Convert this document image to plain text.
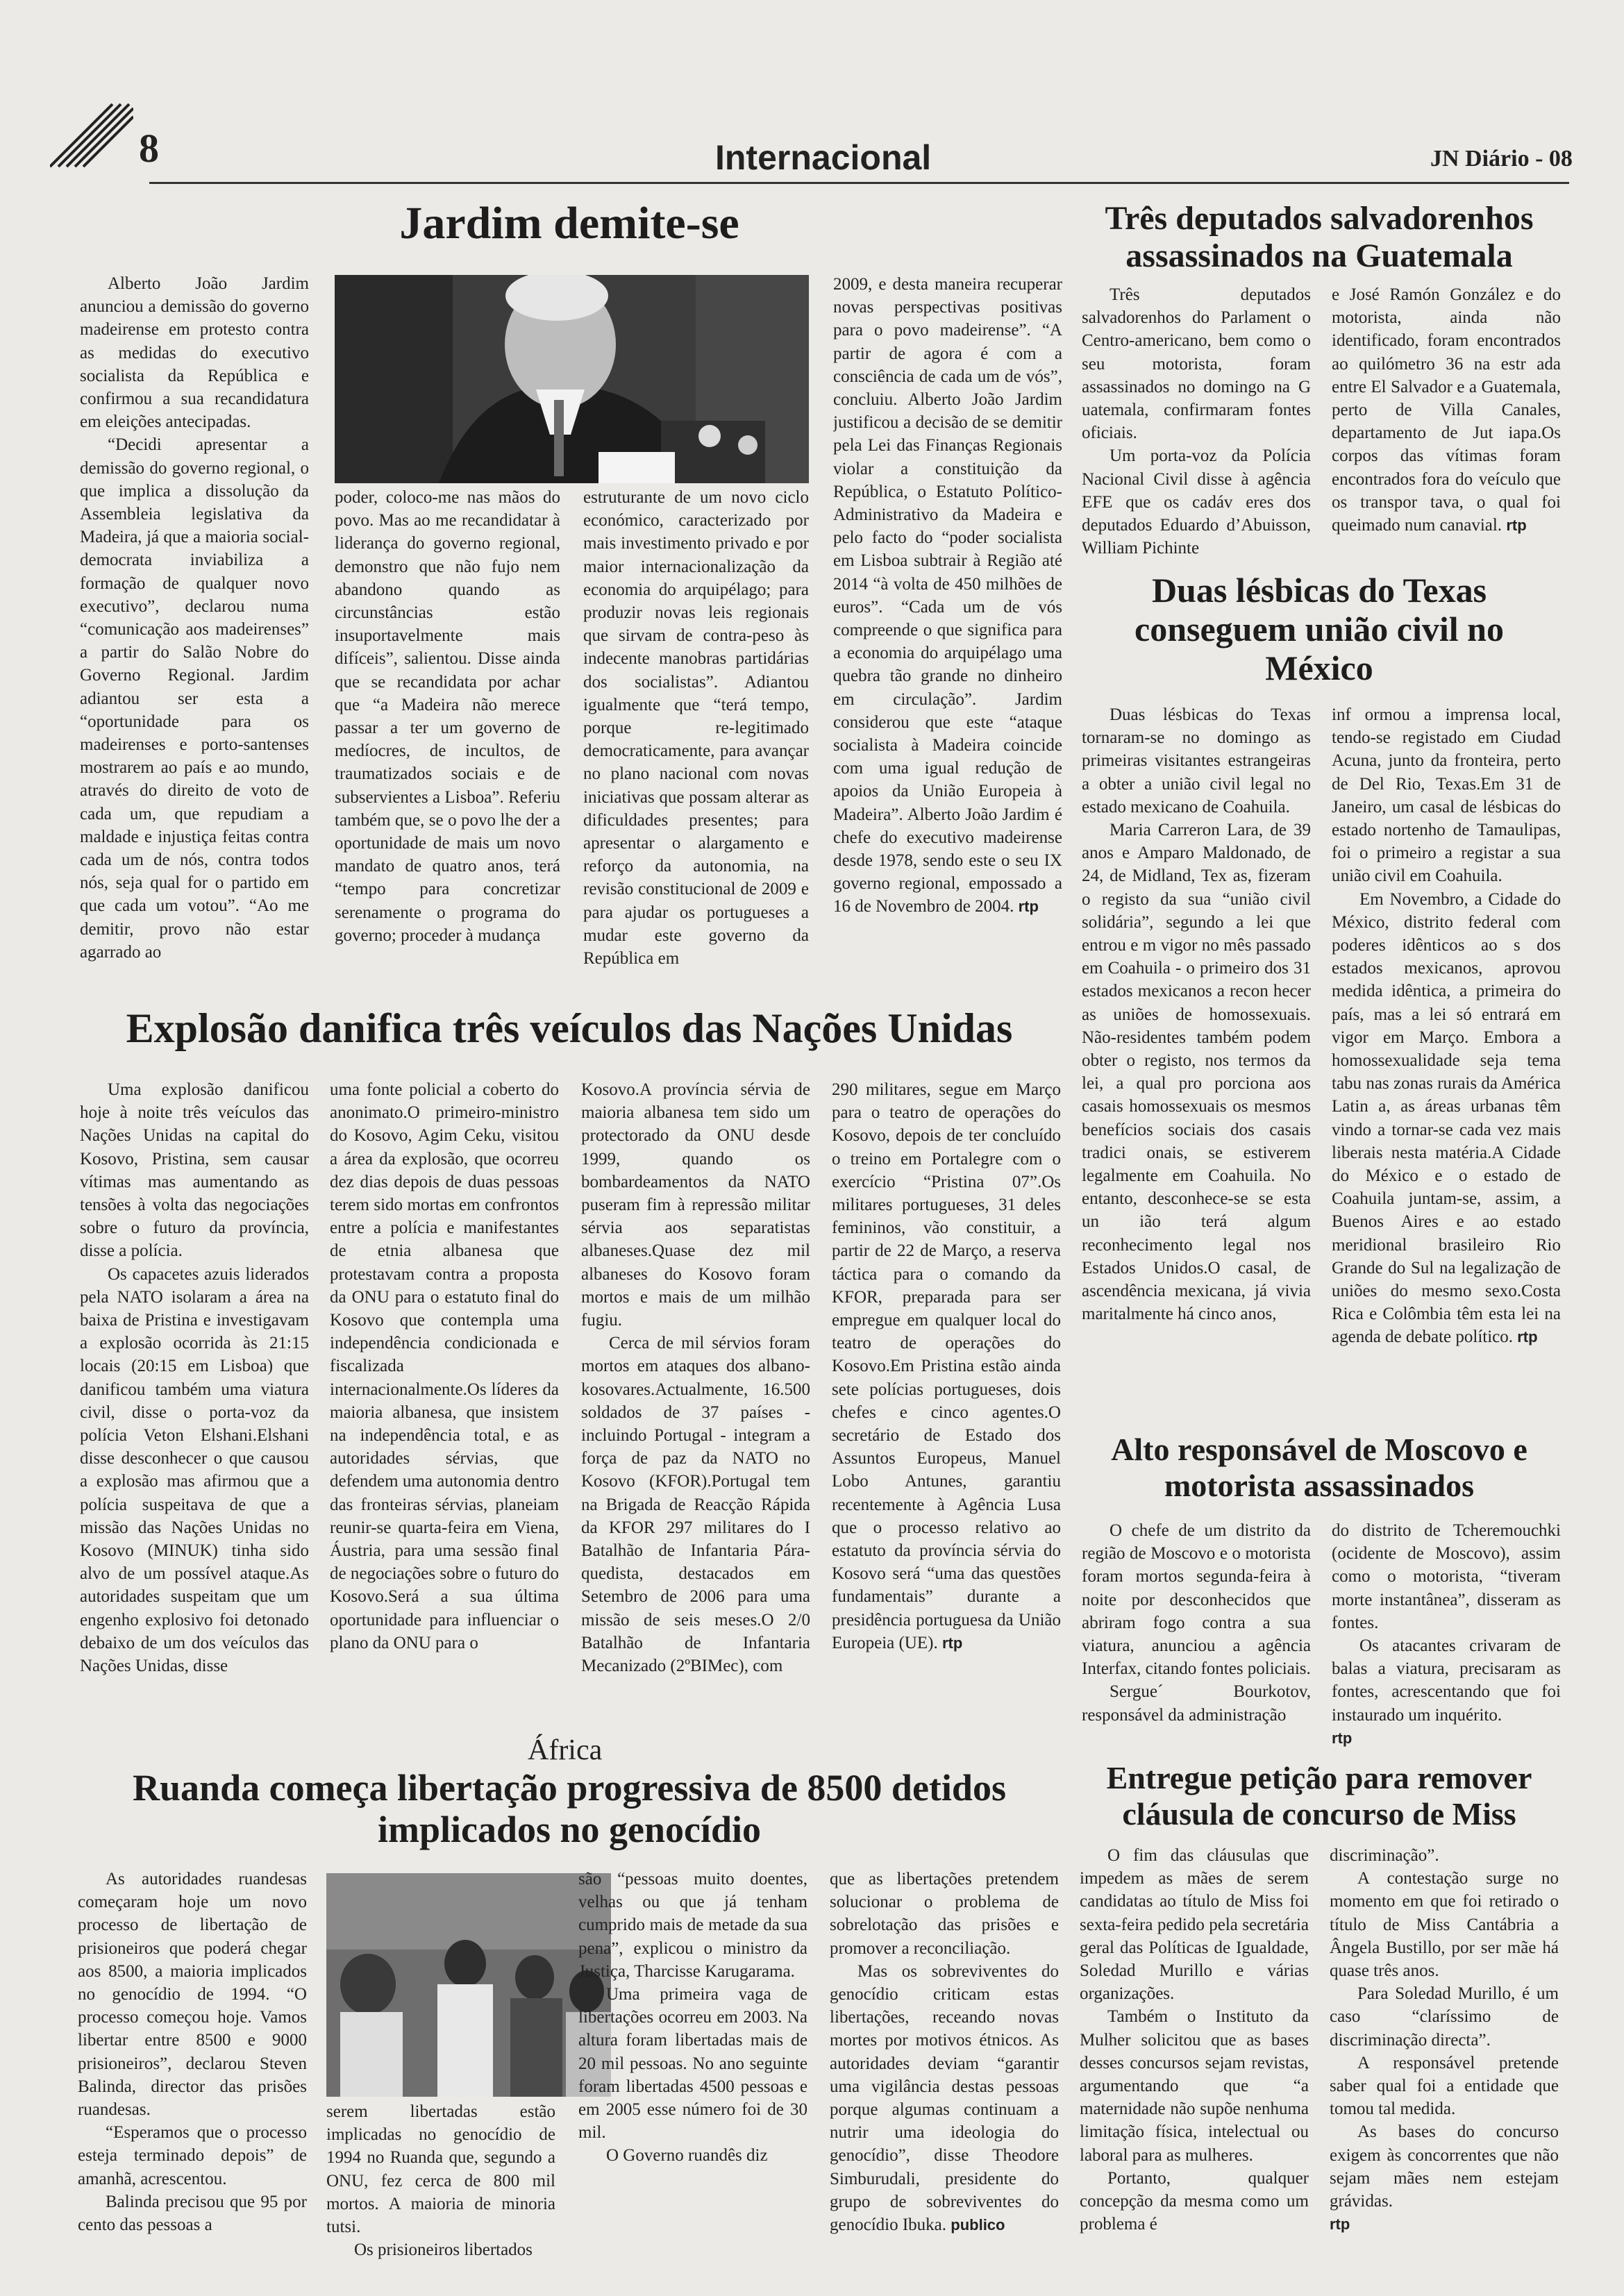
8	Internacional	JN Diário - 08
Jardim demite-se

Alberto João Jardim anunciou a demissão do governo madeirense em protesto contra as medidas do executivo socialista da República e confirmou a sua recandidatura em eleições antecipadas.

“Decidi apresentar a demissão do governo regional, o que implica a dissolução da Assembleia legislativa da Madeira, já que a maioria social-democrata inviabiliza a formação de qualquer novo executivo”, declarou numa “comunicação aos madeirenses” a partir do Salão Nobre do Governo Regional. Jardim adiantou ser esta a “oportunidade para os madeirenses e porto-santenses mostrarem ao país e ao mundo, através do direito de voto de cada um, que repudiam a maldade e injustiça feitas contra cada um de nós, contra todos nós, seja qual for o partido em que cada um votou”. “Ao me demitir, provo não estar agarrado ao

poder, coloco-me nas mãos do povo. Mas ao me recandidatar à liderança do governo regional, demonstro que não fujo nem abandono quando as circunstâncias estão insuportavelmente mais difíceis”, salientou. Disse ainda que se recandidata por achar que “a Madeira não merece passar a ter um governo de medíocres, de incultos, de traumatizados sociais e de subservientes a Lisboa”. Referiu também que, se o povo lhe der a oportunidade de mais um novo mandato de quatro anos, terá “tempo para concretizar serenamente o programa do governo; proceder à mudança

estruturante de um novo ciclo económico, caracterizado por mais investimento privado e por maior internacionalização da economia do arquipélago; para produzir novas leis regionais que sirvam de contra-peso às indecente manobras partidárias dos socialistas”. Adiantou igualmente que “terá tempo, porque re-legitimado democraticamente, para avançar no plano nacional com novas iniciativas que possam alterar as dificuldades presentes; para apresentar o alargamento e reforço da autonomia, na revisão constitucional de 2009 e para ajudar os portugueses a mudar este governo da República em

2009, e desta maneira recuperar novas perspectivas positivas para o povo madeirense”. “A partir de agora é com a consciência de cada um de vós”, concluiu. Alberto João Jardim justificou a decisão de se demitir pela Lei das Finanças Regionais violar a constituição da República, o Estatuto Político-Administrativo da Madeira e pelo facto do “poder socialista em Lisboa subtrair à Região até 2014 “à volta de 450 milhões de euros”. “Cada um de vós compreende o que significa para a economia do arquipélago uma quebra tão grande no dinheiro em circulação”. Jardim considerou que este “ataque socialista à Madeira coincide com uma igual redução de apoios da União Europeia à Madeira”. Alberto João Jardim é chefe do executivo madeirense desde 1978, sendo este o seu IX governo regional, empossado a 16 de Novembro de 2004. rtp

Três deputados salvadorenhos assassinados na Guatemala

Três deputados salvadorenhos do Parlament o Centro-americano, bem como o seu motorista, foram assassinados no domingo na G uatemala, confirmaram fontes oficiais.

Um porta-voz da Polícia Nacional Civil disse à agência EFE que os cadáv eres dos deputados Eduardo d’Abuisson, William Pichinte

e José Ramón González e do motorista, ainda não identificado, foram encontrados ao quilómetro 36 na estr ada entre El Salvador e a Guatemala, perto de Villa Canales, departamento de Jut iapa.Os corpos das vítimas foram encontrados fora do veículo que os transpor tava, o qual foi queimado num canavial. rtp

Duas lésbicas do Texas conseguem união civil no México

Duas lésbicas do Texas tornaram-se no domingo as primeiras visitantes estrangeiras a obter a união civil legal no estado mexicano de Coahuila.

Maria Carreron Lara, de 39 anos e Amparo Maldonado, de 24, de Midland, Tex as, fizeram o registo da sua “união civil solidária”, segundo a lei que entrou e m vigor no mês passado em Coahuila - o primeiro dos 31 estados mexicanos a recon hecer as uniões de homossexuais. Não-residentes também podem obter o registo, nos termos da lei, a qual pro porciona aos casais homossexuais os mesmos benefícios sociais dos casais tradici onais, se estiverem legalmente em Coahuila. No entanto, desconhece-se se esta un ião terá algum reconhecimento legal nos Estados Unidos.O casal, de ascendência mexicana, já vivia maritalmente há cinco anos,

inf ormou a imprensa local, tendo-se registado em Ciudad Acuna, junto da fronteira, perto de Del Rio, Texas.Em 31 de Janeiro, um casal de lésbicas do estado nortenho de Tamaulipas, foi o primeiro a registar a sua união civil em Coahuila.

Em Novembro, a Cidade do México, distrito federal com poderes idênticos ao s dos estados mexicanos, aprovou medida idêntica, a primeira do país, mas a lei só entrará em vigor em Março. Embora a homossexualidade seja tema tabu nas zonas rurais da América Latin a, as áreas urbanas têm vindo a tornar-se cada vez mais liberais nesta matéria.A Cidade do México e o estado de Coahuila juntam-se, assim, a Buenos Aires e ao estado meridional brasileiro Rio Grande do Sul na legalização de uniões do mesmo sexo.Costa Rica e Colômbia têm esta lei na agenda de debate político. rtp

Explosão danifica três veículos das Nações Unidas

Uma explosão danificou hoje à noite três veículos das Nações Unidas na capital do Kosovo, Pristina, sem causar vítimas mas aumentando as tensões à volta das negociações sobre o futuro da província, disse a polícia.

Os capacetes azuis liderados pela NATO isolaram a área na baixa de Pristina e investigavam a explosão ocorrida às 21:15 locais (20:15 em Lisboa) que danificou também uma viatura civil, disse o porta-voz da polícia Veton Elshani.Elshani disse desconhecer o que causou a explosão mas afirmou que a polícia suspeitava de que a missão das Nações Unidas no Kosovo (MINUK) tinha sido alvo de um possível ataque.As autoridades suspeitam que um engenho explosivo foi detonado debaixo de um dos veículos das Nações Unidas, disse

uma fonte policial a coberto do anonimato.O primeiro-ministro do Kosovo, Agim Ceku, visitou a área da explosão, que ocorreu dez dias depois de duas pessoas terem sido mortas em confrontos entre a polícia e manifestantes de etnia albanesa que protestavam contra a proposta da ONU para o estatuto final do Kosovo que contempla uma independência condicionada e fiscalizada internacionalmente.Os líderes da maioria albanesa, que insistem na independência total, e as autoridades sérvias, que defendem uma autonomia dentro das fronteiras sérvias, planeiam reunir-se quarta-feira em Viena, Áustria, para uma sessão final de negociações sobre o futuro do Kosovo.Será a sua última oportunidade para influenciar o plano da ONU para o

Kosovo.A província sérvia de maioria albanesa tem sido um protectorado da ONU desde 1999, quando os bombardeamentos da NATO puseram fim à repressão militar sérvia aos separatistas albaneses.Quase dez mil albaneses do Kosovo foram mortos e mais de um milhão fugiu.

Cerca de mil sérvios foram mortos em ataques dos albano-kosovares.Actualmente, 16.500 soldados de 37 países - incluindo Portugal - integram a força de paz da NATO no Kosovo (KFOR).Portugal tem na Brigada de Reacção Rápida da KFOR 297 militares do I Batalhão de Infantaria Pára-quedista, destacados em Setembro de 2006 para uma missão de seis meses.O 2/0 Batalhão de Infantaria Mecanizado (2ºBIMec), com

290 militares, segue em Março para o teatro de operações do Kosovo, depois de ter concluído o treino em Portalegre com o exercício “Pristina 07”.Os militares portugueses, 31 deles femininos, vão constituir, a partir de 22 de Março, a reserva táctica para o comando da KFOR, preparada para ser empregue em qualquer local do teatro de operações do Kosovo.Em Pristina estão ainda sete polícias portugueses, dois chefes e cinco agentes.O secretário de Estado dos Assuntos Europeus, Manuel Lobo Antunes, garantiu recentemente à Agência Lusa que o processo relativo ao estatuto da província sérvia do Kosovo será “uma das questões fundamentais” durante a presidência portuguesa da União Europeia (UE). rtp

Alto responsável de Moscovo e motorista assassinados

O chefe de um distrito da região de Moscovo e o motorista foram mortos segunda-feira à noite por desconhecidos que abriram fogo contra a sua viatura, anunciou a agência Interfax, citando fontes policiais.

Sergue´ Bourkotov, responsável da administração

do distrito de Tcheremouchki (ocidente de Moscovo), assim como o motorista, “tiveram morte instantânea”, disseram as fontes.

Os atacantes crivaram de balas a viatura, precisaram as fontes, acrescentando que foi instaurado um inquérito.

rtp

África
Ruanda começa libertação progressiva de 8500 detidos implicados no genocídio

As autoridades ruandesas começaram hoje um novo processo de libertação de prisioneiros que poderá chegar aos 8500, a maioria implicados no genocídio de 1994. “O processo começou hoje. Vamos libertar entre 8500 e 9000 prisioneiros”, declarou Steven Balinda, director das prisões ruandesas.

“Esperamos que o processo esteja terminado depois” de amanhã, acrescentou.

Balinda precisou que 95 por cento das pessoas a

serem libertadas estão implicadas no genocídio de 1994 no Ruanda que, segundo a ONU, fez cerca de 800 mil mortos. A maioria de minoria tutsi.

Os prisioneiros libertados

são “pessoas muito doentes, velhas ou que já tenham cumprido mais de metade da sua pena”, explicou o ministro da Justiça, Tharcisse Karugarama.

Uma primeira vaga de libertações ocorreu em 2003. Na altura foram libertadas mais de 20 mil pessoas. No ano seguinte foram libertadas 4500 pessoas e em 2005 esse número foi de 30 mil.

O Governo ruandês diz

que as libertações pretendem solucionar o problema de sobrelotação das prisões e promover a reconciliação.

Mas os sobreviventes do genocídio criticam estas libertações, receando novas mortes por motivos étnicos. As autoridades deviam “garantir uma vigilância destas pessoas porque algumas continuam a nutrir uma ideologia do genocídio”, disse Theodore Simburudali, presidente do grupo de sobreviventes do genocídio Ibuka. publico

Entregue petição para remover cláusula de concurso de Miss

O fim das cláusulas que impedem as mães de serem candidatas ao título de Miss foi sexta-feira pedido pela secretária geral das Políticas de Igualdade, Soledad Murillo e várias organizações.

Também o Instituto da Mulher solicitou que as bases desses concursos sejam revistas, argumentando que “a maternidade não supõe nenhuma limitação física, intelectual ou laboral para as mulheres.

Portanto, qualquer concepção da mesma como um problema é

discriminação”.

A contestação surge no momento em que foi retirado o título de Miss Cantábria a Ângela Bustillo, por ser mãe há quase três anos.

Para Soledad Murillo, é um caso “claríssimo de discriminação directa”.

A responsável pretende saber qual foi a entidade que tomou tal medida.

As bases do concurso exigem às concorrentes que não sejam mães nem estejam grávidas.

rtp
